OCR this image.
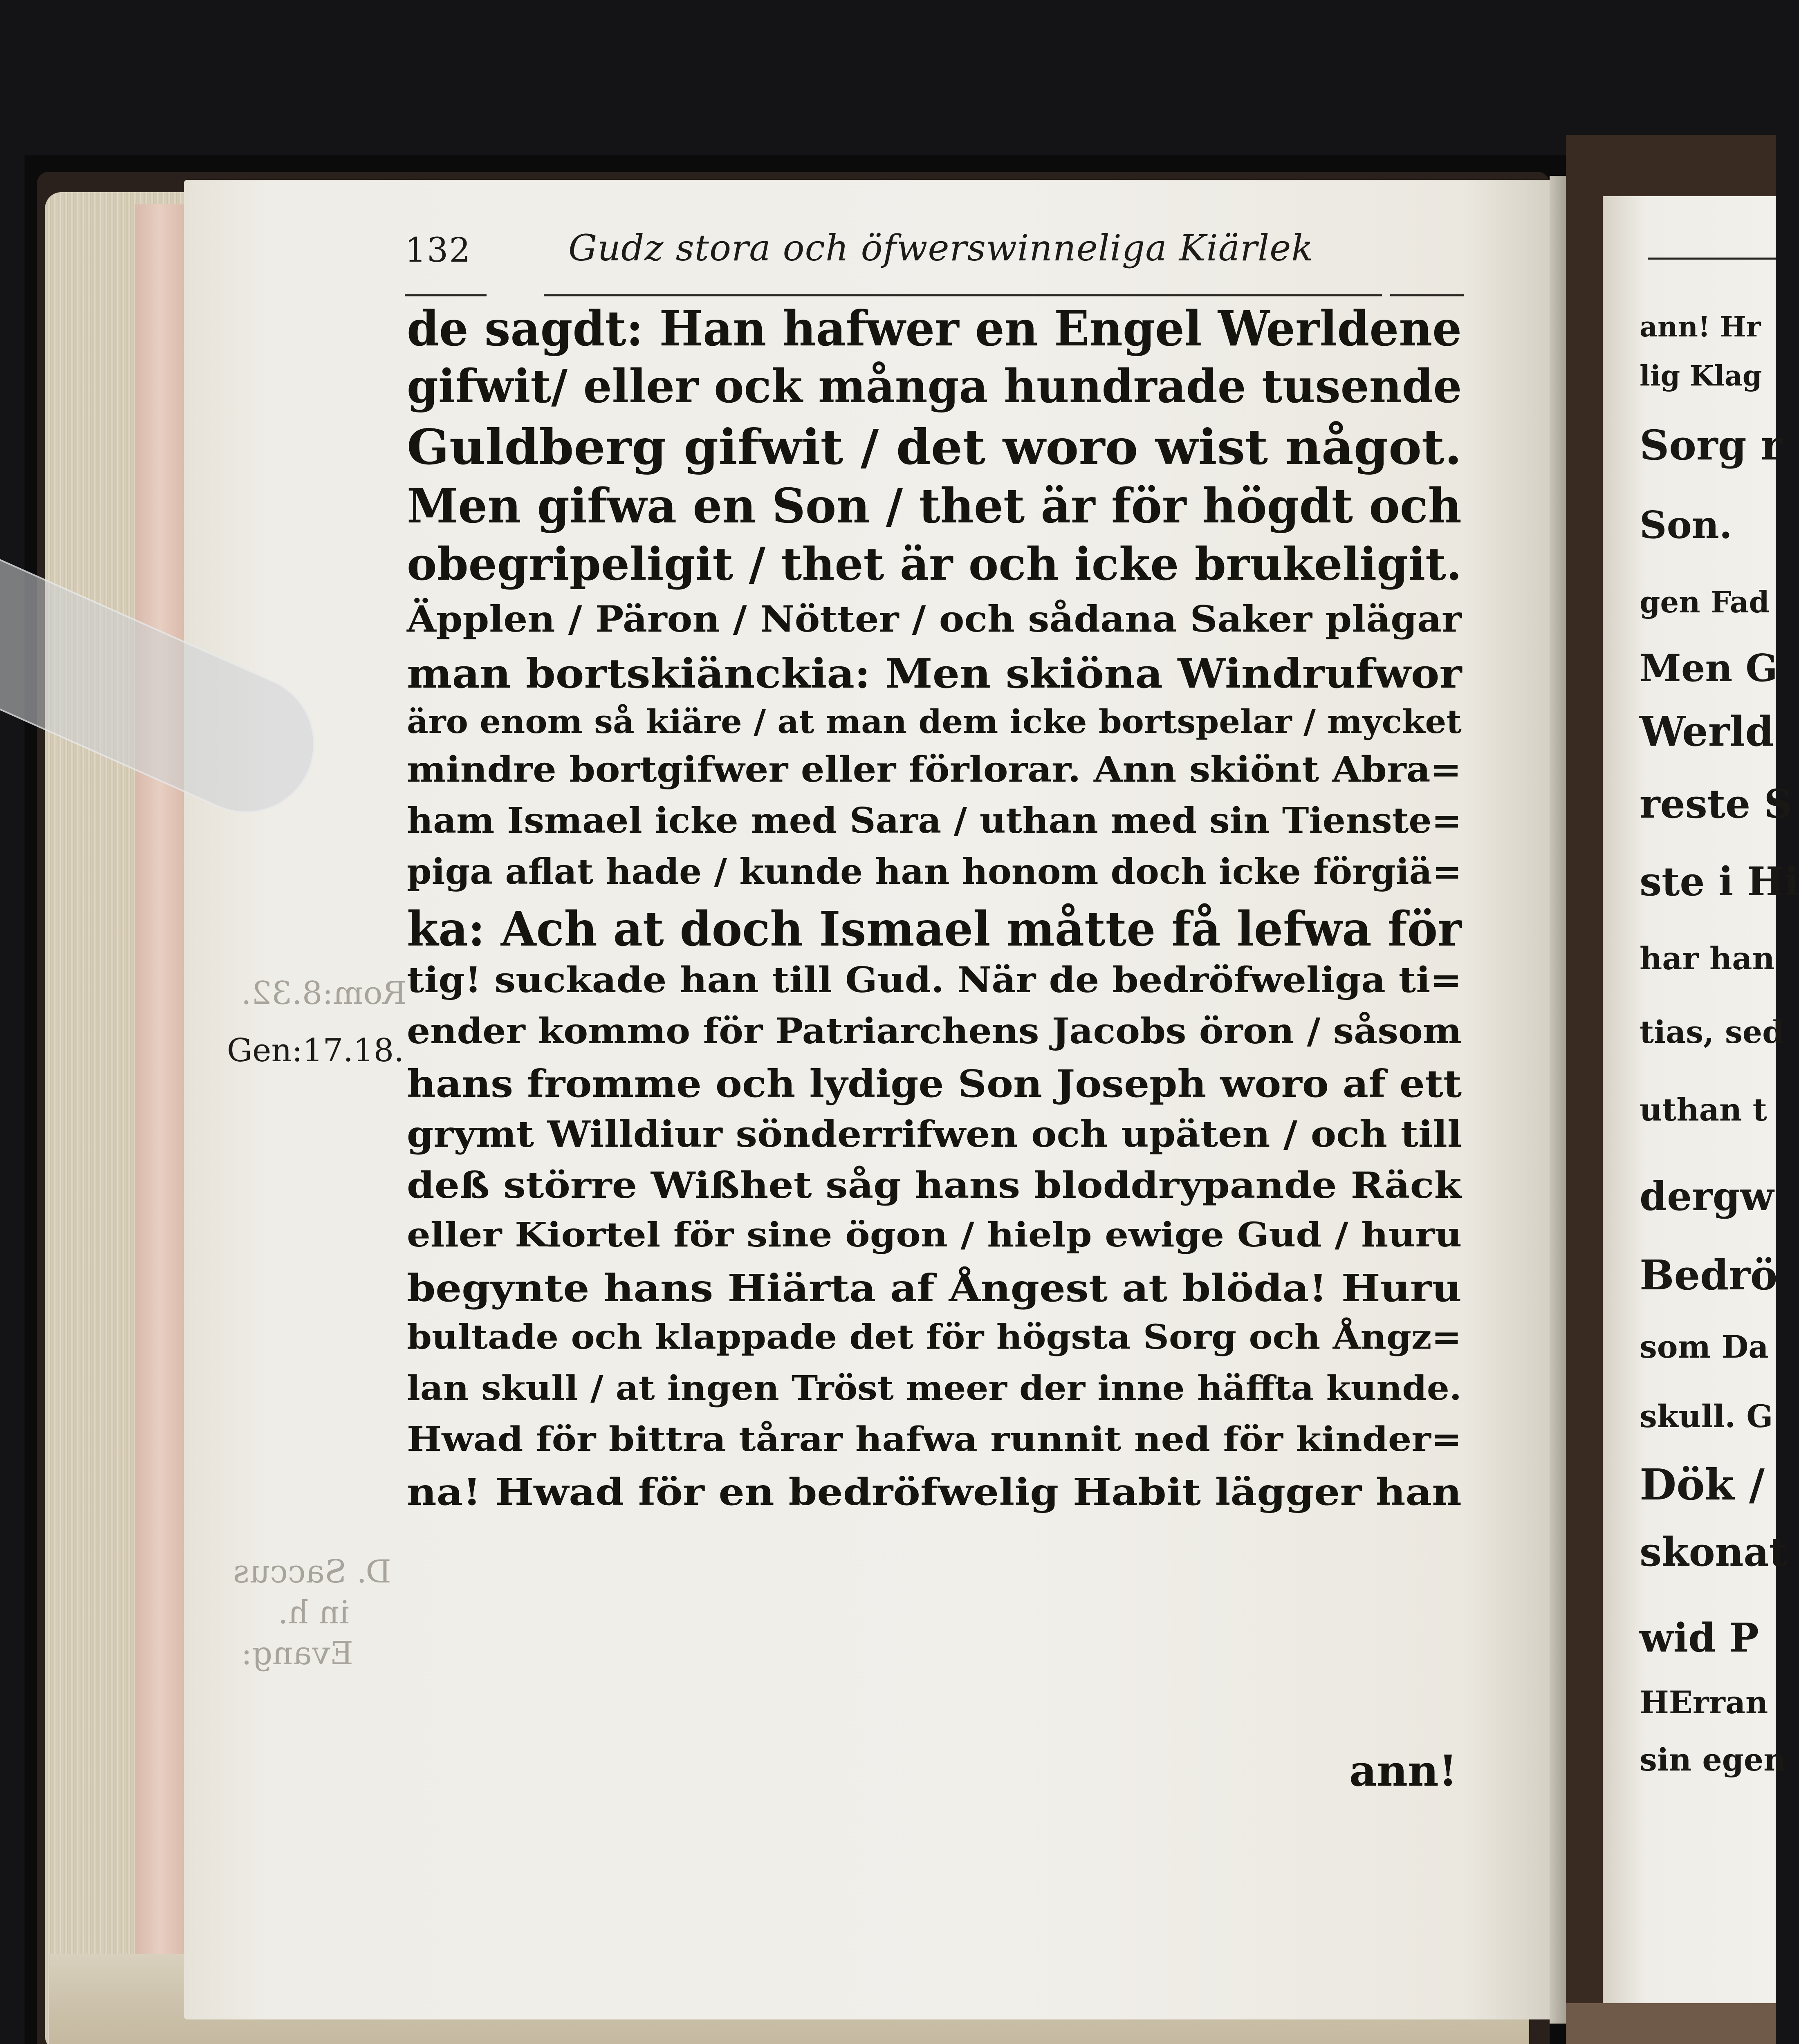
132	Gudz stora och öfwerswinneliga Kiärlek
de sagdt: Han hafwer en Engel Werldene
gifwit/ eller ock många hundrade tusende
Guldberg gifwit / det woro wist något.
Men gifwa en Son / thet är för högdt och
obegripeligit / thet är och icke brukeligit.
Äpplen / Päron / Nötter / och sådana Saker plägar
man bortskiänckia: Men skiöna Windrufwor
äro enom så kiäre / at man dem icke bortspelar / mycket
mindre bortgifwer eller förlorar. Ann skiönt Abra=
ham Ismael icke med Sara / uthan med sin Tienste=
piga aflat hade / kunde han honom doch icke förgiä=
ka: Ach at doch Ismael måtte få lefwa för
tig! suckade han till Gud. När de bedröfweliga ti=
ender kommo för Patriarchens Jacobs öron / såsom
hans fromme och lydige Son Joseph woro af ett
grymt Willdiur sönderrifwen och upäten / och till
deß större Wißhet såg hans bloddrypande Räck
eller Kiortel för sine ögon / hielp ewige Gud / huru
begynte hans Hiärta af Ångest at blöda! Huru
bultade och klappade det för högsta Sorg och Ångz=
lan skull / at ingen Tröst meer der inne häffta kunde.
Hwad för bittra tårar hafwa runnit ned för kinder=
na! Hwad för en bedröfwelig Habit lägger han
ann!
Gen:17.18.
Rom:8.32.
D. Saccus
in h.
Evang:
ann! Hr
lig Klag
Sorg r
Son.
gen Fad
Men G
Werld
reste S
ste i Hi
har han
tias, sed
uthan t
dergw
Bedrö
som Da
skull. G
Dök /
skonat
wid P
HErran
sin egen
